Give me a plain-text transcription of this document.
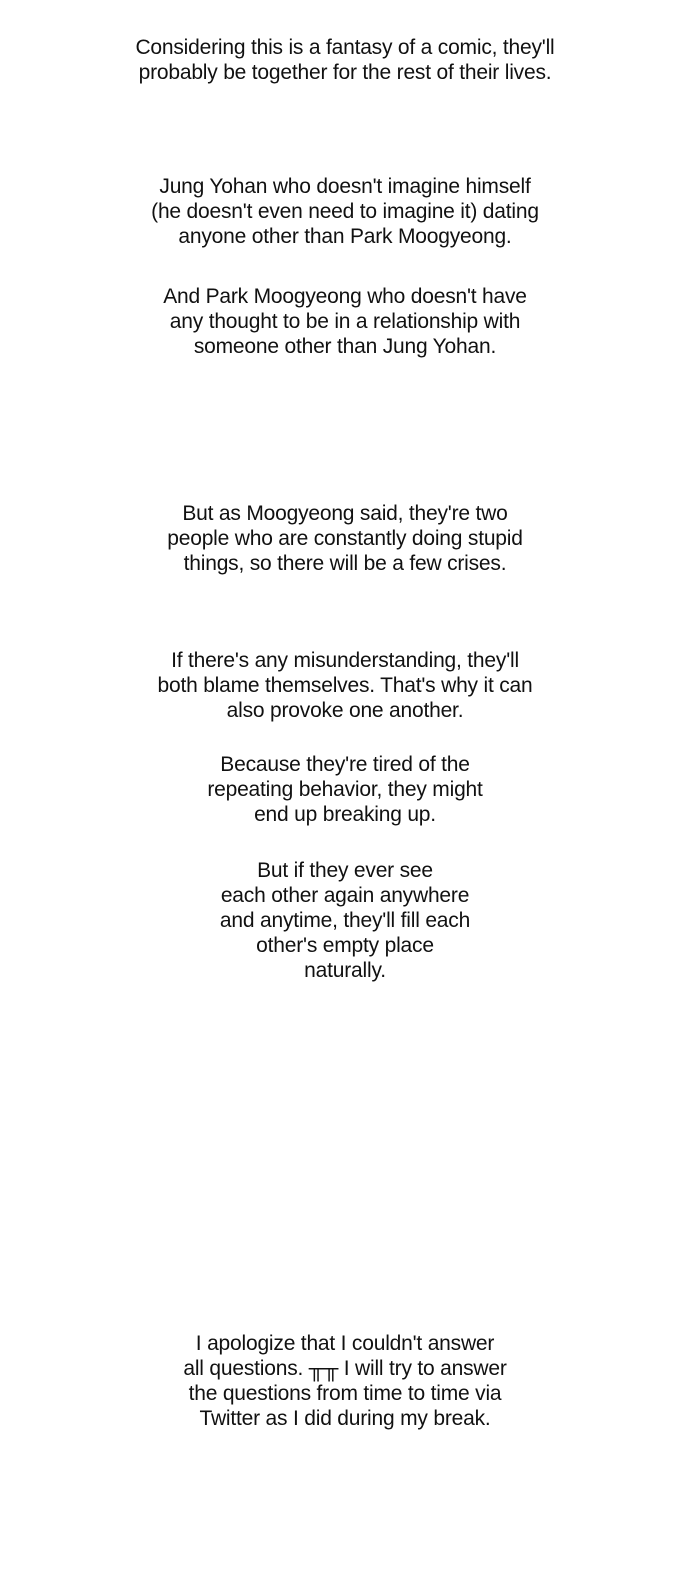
Considering this is a fantasy of a comic, they'll
probably be together for the rest of their lives.
Jung Yohan who doesn't imagine himself
(he doesn't even need to imagine it) dating
anyone other than Park Moogyeong.
And Park Moogyeong who doesn't have
any thought to be in a relationship with
someone other than Jung Yohan.
But as Moogyeong said, they're two
people who are constantly doing stupid
things, so there will be a few crises.
If there's any misunderstanding, they'll
both blame themselves. That's why it can
also provoke one another.
Because they're tired of the
repeating behavior, they might
end up breaking up.
But if they ever see
each other again anywhere
and anytime, they'll fill each
other's empty place
naturally.
I apologize that I couldn't answer
all questions. ╥╥ I will try to answer
the questions from time to time via
Twitter as I did during my break.
